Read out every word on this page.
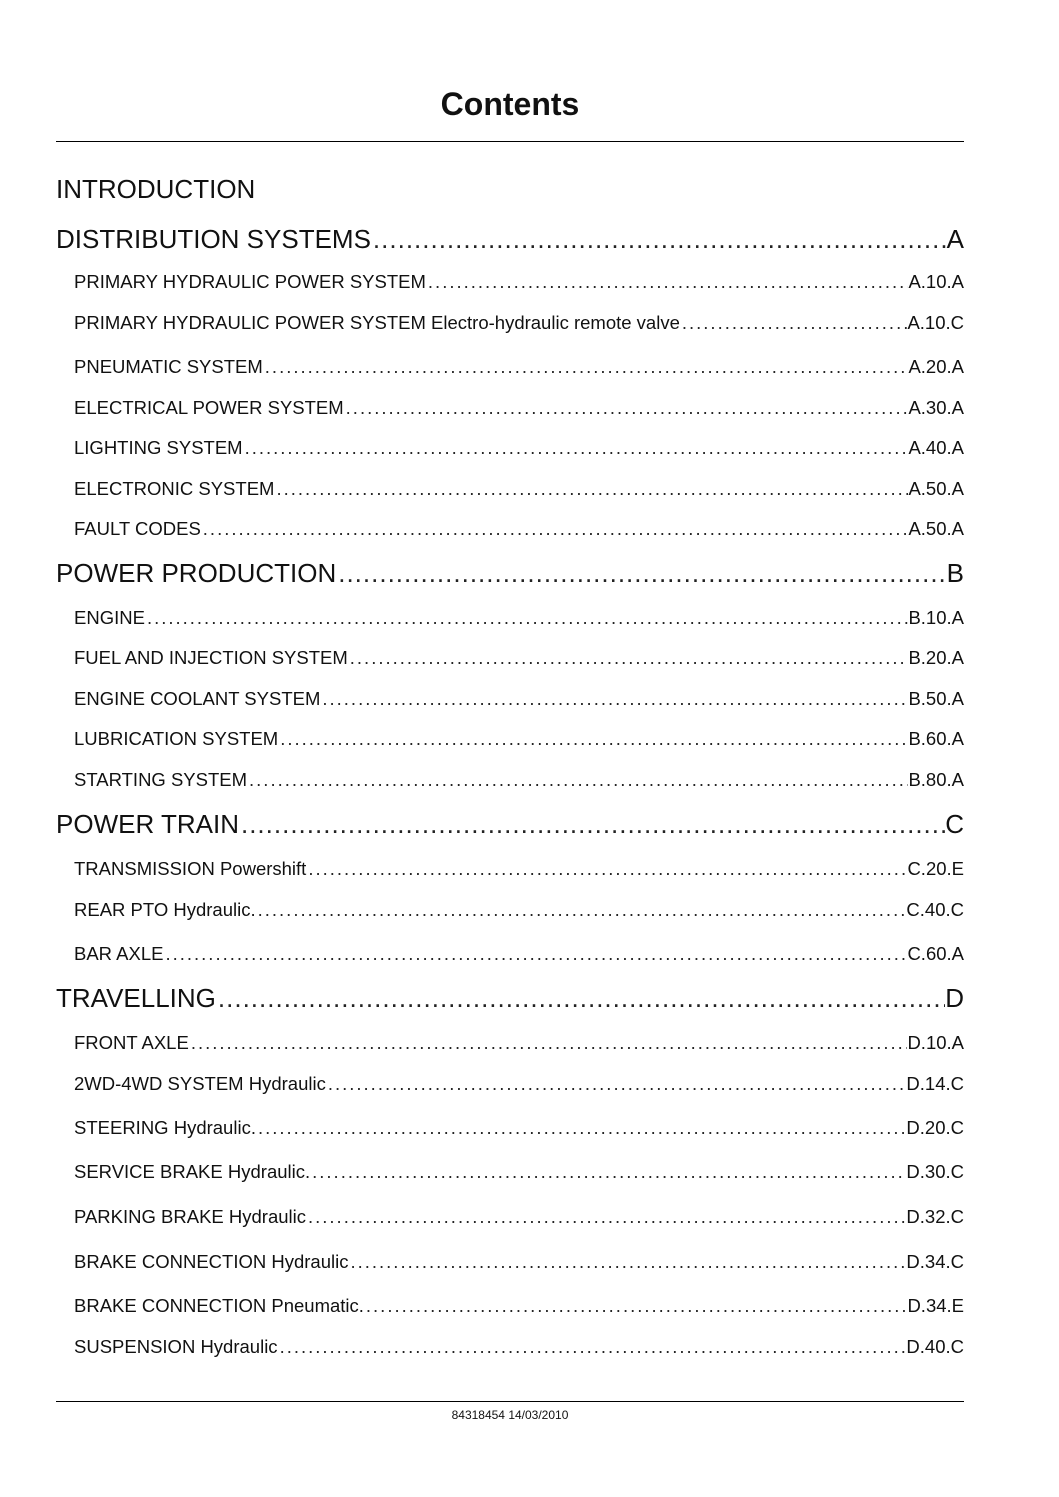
Contents
INTRODUCTION
DISTRIBUTION SYSTEMS .....	A
PRIMARY HYDRAULIC POWER SYSTEM .....	A.10.A
PRIMARY HYDRAULIC POWER SYSTEM Electro-hydraulic remote valve .....	A.10.C
PNEUMATIC SYSTEM .....	A.20.A
ELECTRICAL POWER SYSTEM .....	A.30.A
LIGHTING SYSTEM .....	A.40.A
ELECTRONIC SYSTEM .....	A.50.A
FAULT CODES .....	A.50.A
POWER PRODUCTION .....	B
ENGINE .....	B.10.A
FUEL AND INJECTION SYSTEM .....	B.20.A
ENGINE COOLANT SYSTEM .....	B.50.A
LUBRICATION SYSTEM .....	B.60.A
STARTING SYSTEM .....	B.80.A
POWER TRAIN .....	C
TRANSMISSION Powershift .....	C.20.E
REAR PTO Hydraulic. .....	C.40.C
BAR AXLE .....	C.60.A
TRAVELLING .....	D
FRONT AXLE .....	D.10.A
2WD-4WD SYSTEM Hydraulic .....	D.14.C
STEERING Hydraulic. .....	D.20.C
SERVICE BRAKE Hydraulic. .....	D.30.C
PARKING BRAKE Hydraulic .....	D.32.C
BRAKE CONNECTION Hydraulic .....	D.34.C
BRAKE CONNECTION Pneumatic. .....	D.34.E
SUSPENSION Hydraulic .....	D.40.C
84318454 14/03/2010
